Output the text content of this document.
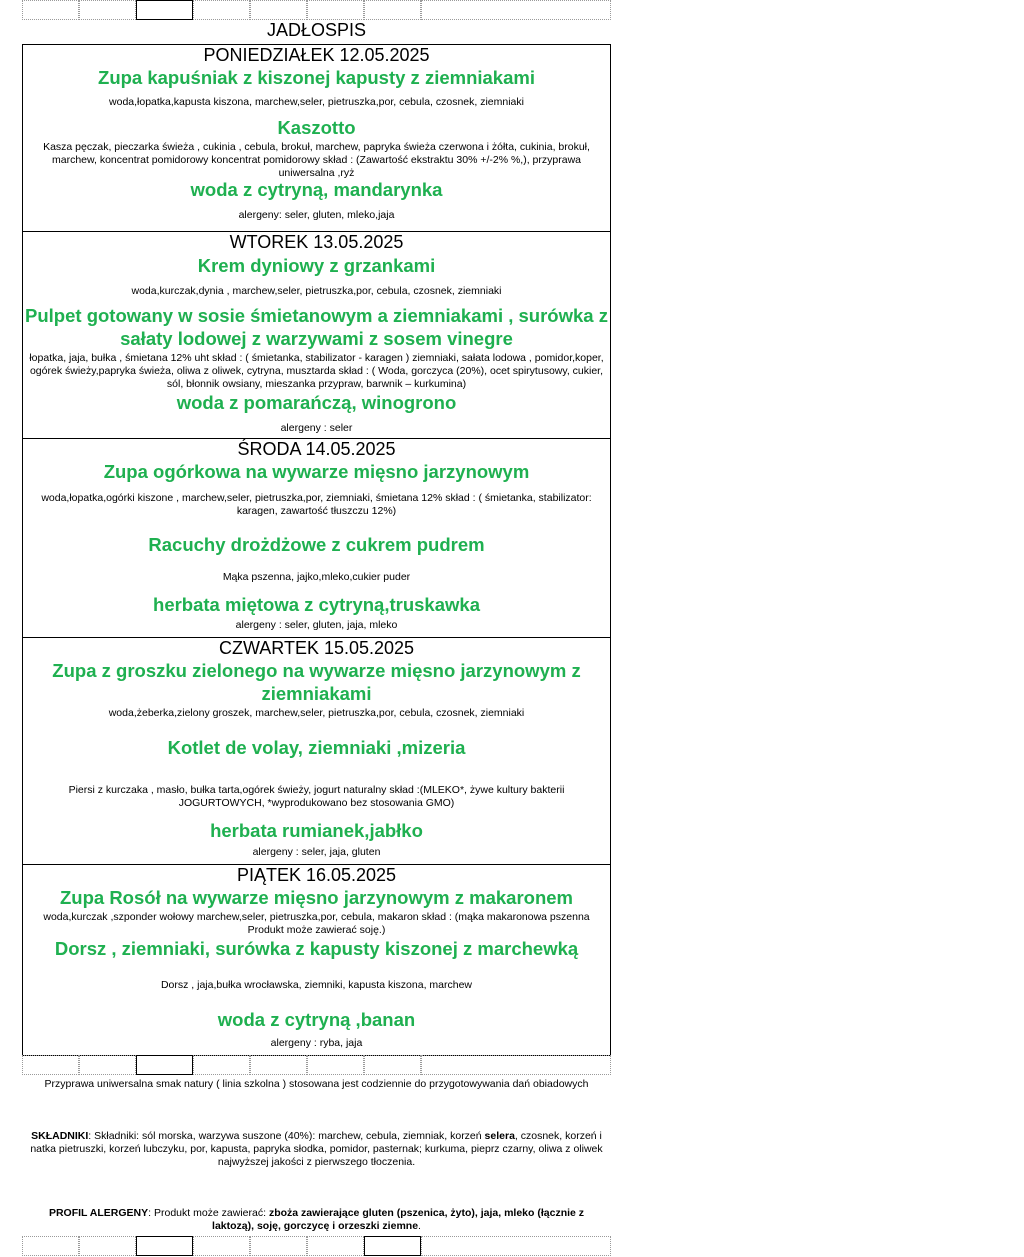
JADŁOSPIS
PONIEDZIAŁEK 12.05.2025
Zupa kapuśniak z kiszonej kapusty z ziemniakami
woda,łopatka,kapusta kiszona, marchew,seler, pietruszka,por, cebula, czosnek, ziemniaki
Kaszotto
Kasza pęczak, pieczarka świeża , cukinia , cebula, brokuł, marchew, papryka świeża czerwona i żółta, cukinia, brokuł, marchew, koncentrat pomidorowy koncentrat pomidorowy skład : (Zawartość ekstraktu 30% +/-2% %,), przyprawa uniwersalna ,ryż
woda z cytryną, mandarynka
alergeny: seler, gluten, mleko,jaja
WTOREK 13.05.2025
Krem dyniowy z grzankami
woda,kurczak,dynia , marchew,seler, pietruszka,por, cebula, czosnek, ziemniaki
Pulpet gotowany w sosie śmietanowym a ziemniakami , surówka z sałaty lodowej z warzywami z sosem vinegre
łopatka, jaja, bułka , śmietana 12% uht skład : ( śmietanka, stabilizator - karagen ) ziemniaki, sałata lodowa , pomidor,koper, ogórek świeży,papryka świeża, oliwa z oliwek, cytryna, musztarda skład : ( Woda, gorczyca (20%), ocet spirytusowy, cukier, sól, błonnik owsiany, mieszanka przypraw, barwnik – kurkumina)
woda z pomarańczą, winogrono
alergeny : seler
ŚRODA 14.05.2025
Zupa ogórkowa na wywarze mięsno jarzynowym
woda,łopatka,ogórki kiszone , marchew,seler, pietruszka,por, ziemniaki, śmietana 12% skład : ( śmietanka, stabilizator: karagen, zawartość tłuszczu 12%)
Racuchy drożdżowe z cukrem pudrem
Mąka pszenna, jajko,mleko,cukier puder
herbata miętowa z cytryną,truskawka
alergeny : seler, gluten, jaja, mleko
CZWARTEK 15.05.2025
Zupa z groszku zielonego na wywarze mięsno jarzynowym z ziemniakami
woda,żeberka,zielony groszek, marchew,seler, pietruszka,por, cebula, czosnek, ziemniaki
Kotlet de volay, ziemniaki ,mizeria
Piersi z kurczaka , masło, bułka tarta,ogórek świeży, jogurt naturalny skład :(MLEKO*, żywe kultury bakterii JOGURTOWYCH, *wyprodukowano bez stosowania GMO)
herbata rumianek,jabłko
alergeny : seler, jaja, gluten
PIĄTEK 16.05.2025
Zupa Rosół na wywarze mięsno jarzynowym z makaronem
woda,kurczak ,szponder wołowy marchew,seler, pietruszka,por, cebula, makaron skład : (mąka makaronowa pszenna Produkt może zawierać soję.)
Dorsz , ziemniaki, surówka z kapusty kiszonej z marchewką
Dorsz , jaja,bułka wrocławska, ziemniki, kapusta kiszona, marchew
woda z cytryną ,banan
alergeny : ryba, jaja
Przyprawa uniwersalna smak natury ( linia szkolna ) stosowana jest codziennie do przygotowywania dań obiadowych
SKŁADNIKI: Składniki: sól morska, warzywa suszone (40%): marchew, cebula, ziemniak, korzeń selera, czosnek, korzeń i natka pietruszki, korzeń lubczyku, por, kapusta, papryka słodka, pomidor, pasternak; kurkuma, pieprz czarny, oliwa z oliwek najwyższej jakości z pierwszego tłoczenia.
PROFIL ALERGENY: Produkt może zawierać: zboża zawierające gluten (pszenica, żyto), jaja, mleko (łącznie z laktozą), soję, gorczycę i orzeszki ziemne.
